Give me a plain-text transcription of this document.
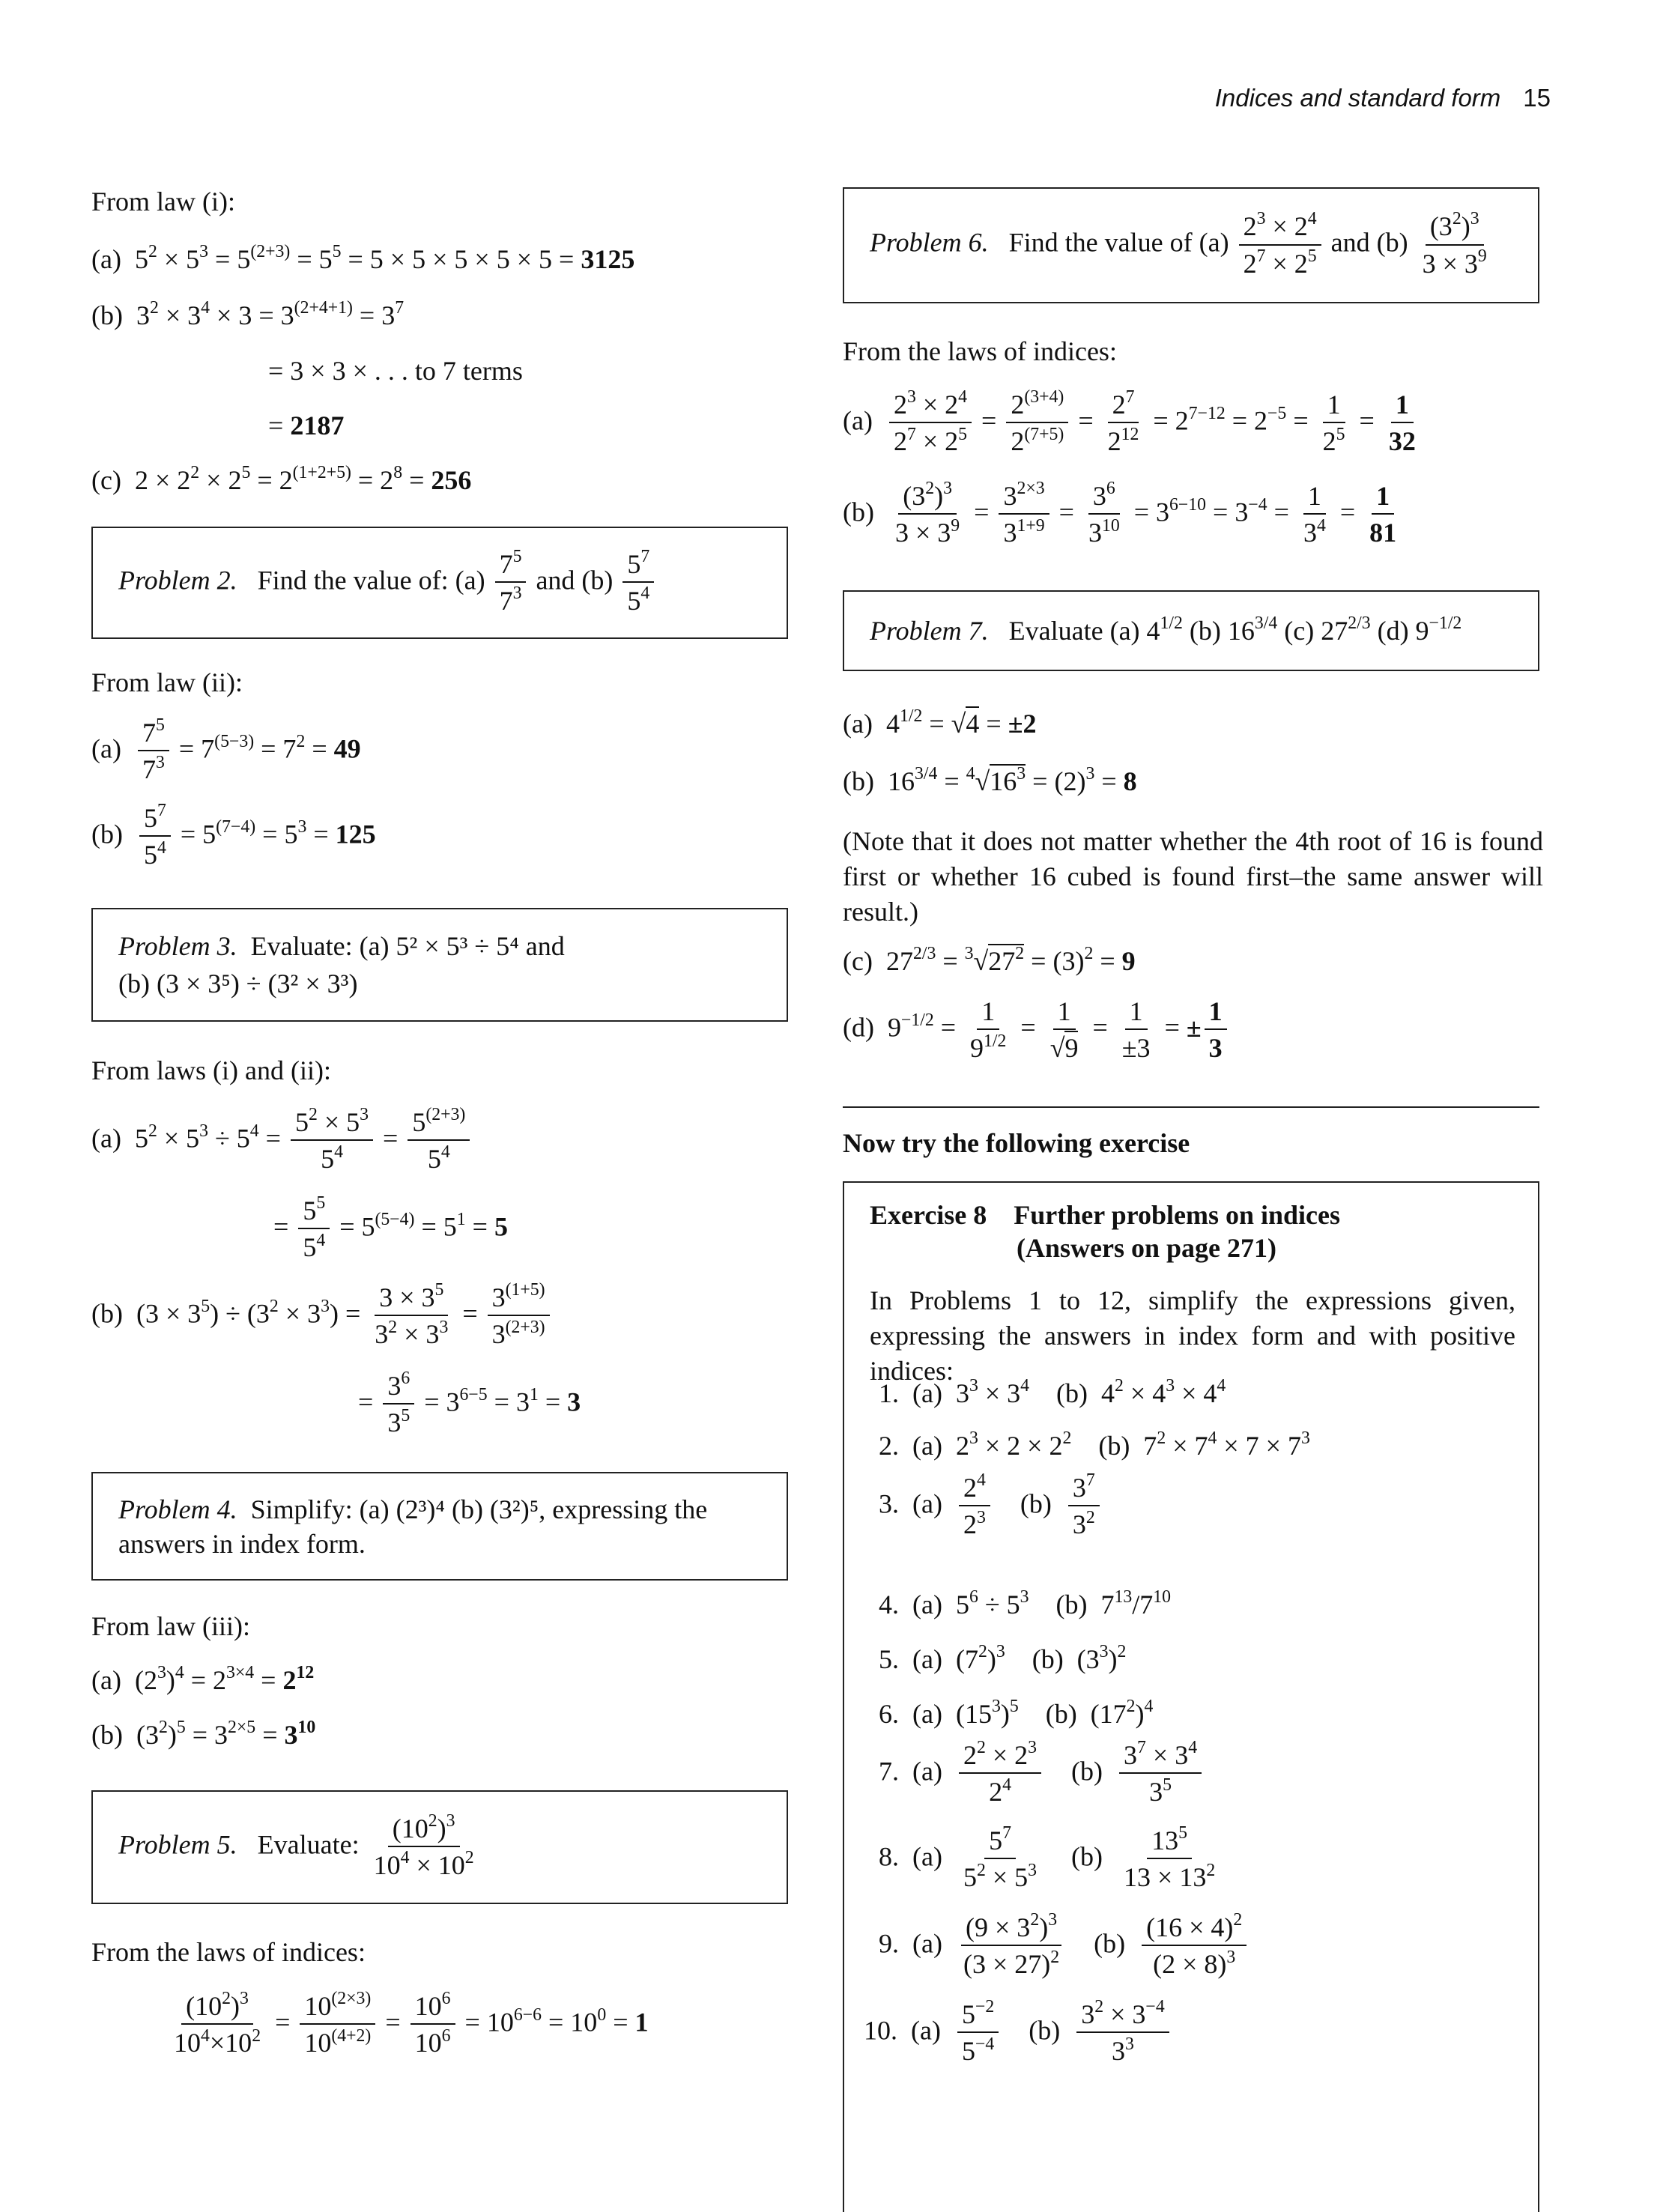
Indices and standard form 15
From law (i):
(a)  $5^2 \times 5^3 = 5^{(2+3)} = 5^5 = 5 \times 5 \times 5 \times 5 \times 5 = 3125$
(b)  $3^2 \times 3^4 \times 3 = 3^{(2+4+1)} = 3^7$
= 3 × 3 × . . . to 7 terms
= 2187
(c)  $2 \times 2^2 \times 2^5 = 2^{(1+2+5)} = 2^8 = 256$
Problem 2. Find the value of: $(a) \frac{7^5}{7^3}$ and $(b) \frac{5^7}{5^4}$
From law (ii):
$(a) \frac{7^5}{7^3} = 7^{(5-3)} = 7^2 = 49$
$(b) \frac{5^7}{5^4} = 5^{(7-4)} = 5^3 = 125$
Problem 3. Evaluate: (a) 5² × 5³ ÷ 5⁴ and
(b) (3 × 3⁵) ÷ (3² × 3³)
From laws (i) and (ii):
(a)  $5^2 \times 5^3 \div 5^4 = \frac{5^2 \times 5^3}{5^4} = \frac{5^{(2+3)}}{5^4}$
= $\frac{5^5}{5^4} = 5^{(5-4)} = 5^1 = 5$
(b)  $(3 \times 3^5) \div (3^2 \times 3^3) = \frac{3 \times 3^5}{3^2 \times 3^3} = \frac{3^{(1+5)}}{3^{(2+3)}}$
= $\frac{3^6}{3^5} = 3^{6-5} = 3^1 = 3$
Problem 4. Simplify: (a) (2³)⁴ (b) (3²)⁵, expressing the
answers in index form.
From law (iii):
(a)  $(2^3)^4 = 2^{3\times 4} = 2^{12}$
(b)  $(3^2)^5 = 3^{2\times 5} = 3^{10}$
Problem 5. Evaluate: $\frac{(10^2)^3}{10^4 \times 10^2}$
From the laws of indices:
$\frac{(10^2)^3}{10^4\times 10^2} = \frac{10^{(2\times 3)}}{10^{(4+2)}} = \frac{10^6}{10^6} = 10^{6-6} = 10^0 = 1$
Problem 6. Find the value of $(a) \frac{2^3 \times 2^4}{2^7 \times 2^5}$ and $(b) \frac{(3^2)^3}{3 \times 3^9}$
From the laws of indices:
$(a) \frac{2^3 \times 2^4}{2^7 \times 2^5} = \frac{2^{(3+4)}}{2^{(7+5)}} = \frac{2^7}{2^{12}} = 2^{7-12} = 2^{-5} = \frac{1}{2^5} = \frac{1}{32}$
$(b) \frac{(3^2)^3}{3 \times 3^9} = \frac{3^{2\times 3}}{3^{1+9}} = \frac{3^6}{3^{10}} = 3^{6-10} = 3^{-4} = \frac{1}{3^4} = \frac{1}{81}$
Problem 7. Evaluate (a) $4^{1/2}$ (b) $16^{3/4}$ (c) $27^{2/3}$ (d) $9^{-1/2}$
(a)  $4^{1/2} = √4 = \pm 2$
(b)  $16^{3/4} = ^4√16^3 = (2)^3 = 8$
(Note that it does not matter whether the 4th root of 16 is found first or whether 16 cubed is found first–the same answer will result.)
(c)  $27^{2/3} = ^3√27^2 = (3)^2 = 9$
(d)  $9^{-1/2} = \frac{1}{9^{1/2}} = \frac{1}{√9} = \frac{1}{\pm 3}$ = ± $\frac{1}{3}$
Now try the following exercise
Exercise 8 Further problems on indices
(Answers on page 271)
In Problems 1 to 12, simplify the expressions given, expressing the answers in index form and with positive indices:
1.  (a)  $3^3 \times 3^4$    (b)  $4^2 \times 4^3 \times 4^4$
2.  (a)  $2^3 \times 2 \times 2^2$    (b)  $7^2 \times 7^4 \times 7 \times 7^3$
3.  $(a) \frac{2^4}{2^3} (b) \frac{3^7}{3^2}$
4.  (a)  $5^6 \div 5^3$    (b)  $7^{13}/7^{10}$
5.  (a)  $(7^2)^3$    (b)  $(3^3)^2$
6.  (a)  $(15^3)^5$    (b)  $(17^2)^4$
7.  $(a) \frac{2^2 \times 2^3}{2^4} (b) \frac{3^7 \times 3^4}{3^5}$
8.  $(a) \frac{5^7}{5^2 \times 5^3} (b) \frac{13^5}{13 \times 13^2}$
9.  $(a) \frac{(9 \times 3^2)^3}{(3 \times 27)^2} (b) \frac{(16 \times 4)^2}{(2 \times 8)^3}$
10.  $(a) \frac{5^{-2}}{5^{-4}} (b) \frac{3^2 \times 3^{-4}}{3^3}$
